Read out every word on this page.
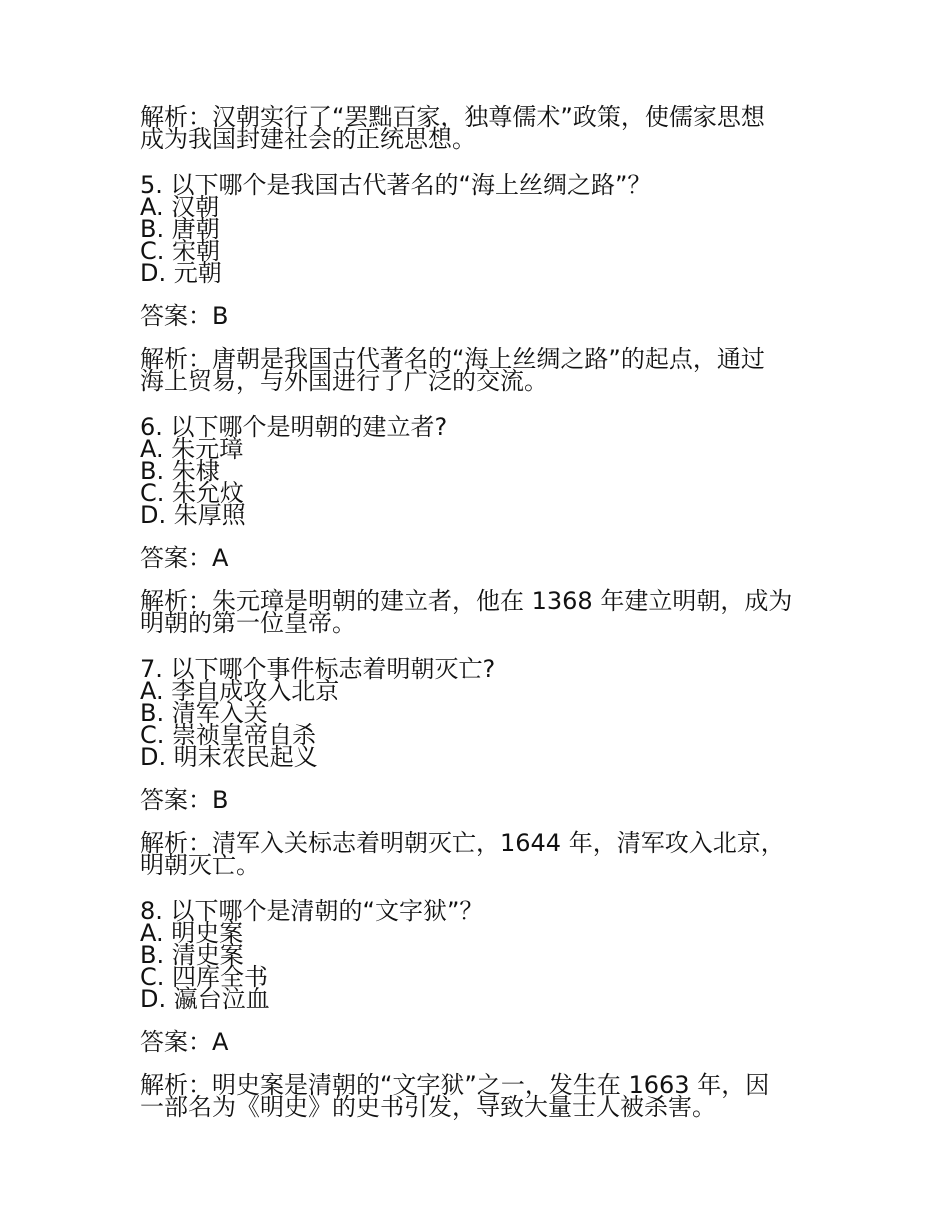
解析：汉朝实行了“罢黜百家，独尊儒术”政策，使儒家思想
成为我国封建社会的正统思想。
5. 以下哪个是我国古代著名的“海上丝绸之路”？
A. 汉朝
B. 唐朝
C. 宋朝
D. 元朝
答案：B
解析：唐朝是我国古代著名的“海上丝绸之路”的起点，通过
海上贸易，与外国进行了广泛的交流。
6. 以下哪个是明朝的建立者?
A. 朱元璋
B. 朱棣
C. 朱允炆
D. 朱厚照
答案：A
解析：朱元璋是明朝的建立者，他在 1368 年建立明朝，成为
明朝的第一位皇帝。
7. 以下哪个事件标志着明朝灭亡?
A. 李自成攻入北京
B. 清军入关
C. 崇祯皇帝自杀
D. 明末农民起义
答案：B
解析：清军入关标志着明朝灭亡，1644 年，清军攻入北京，
明朝灭亡。
8. 以下哪个是清朝的“文字狱”？
A. 明史案
B. 清史案
C. 四库全书
D. 瀛台泣血
答案：A
解析：明史案是清朝的“文字狱”之一，发生在 1663 年，因
一部名为《明史》的史书引发，导致大量士人被杀害。
